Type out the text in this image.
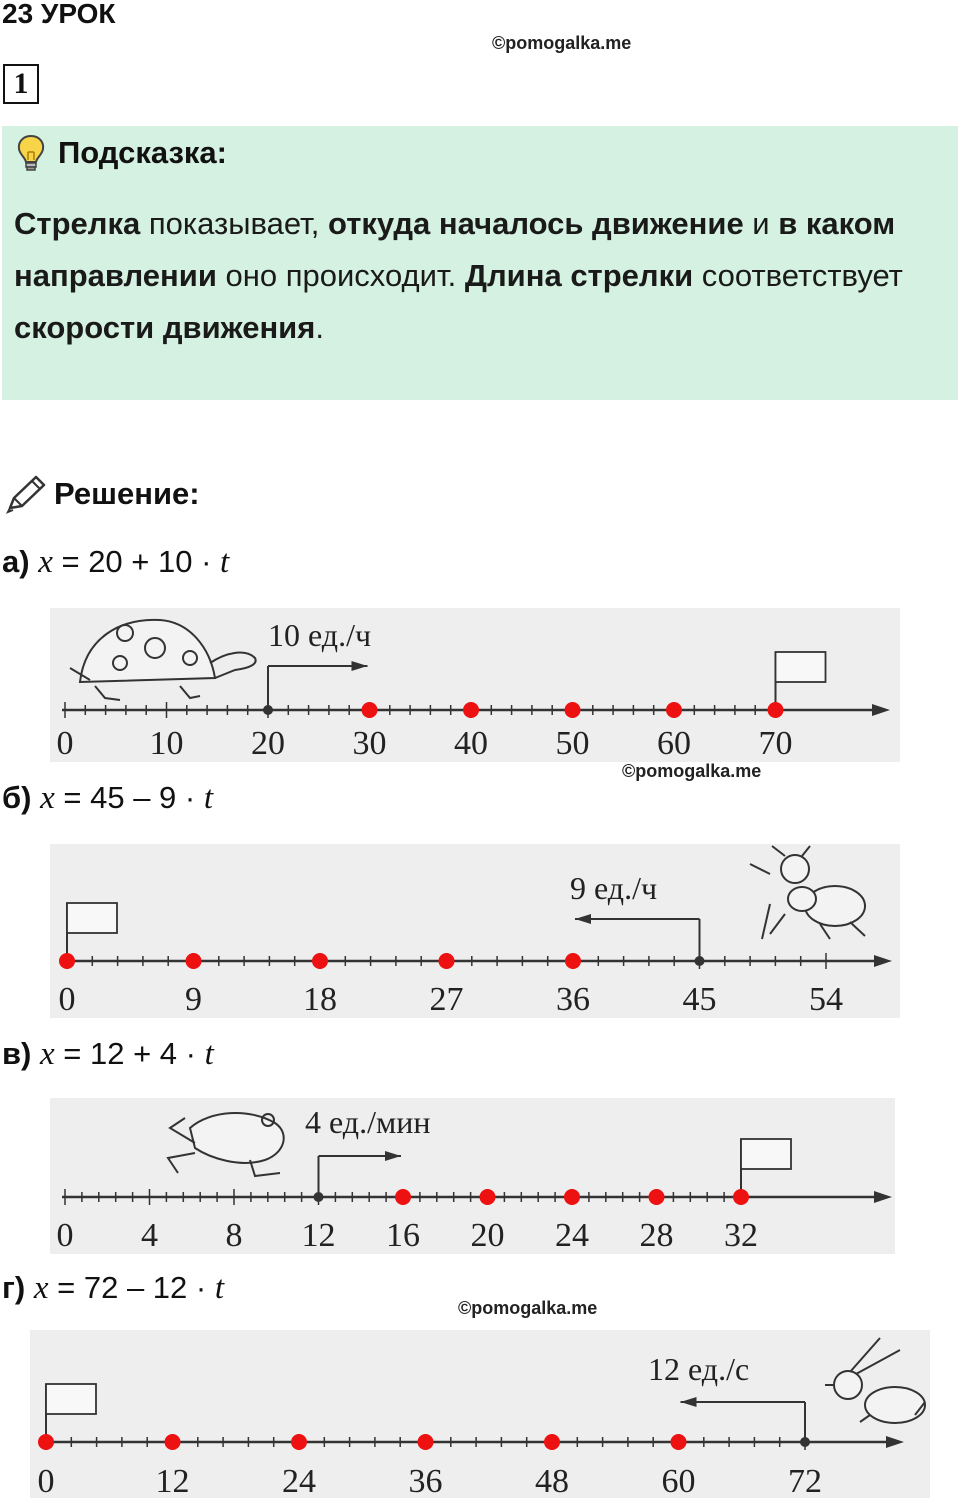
23 УРОК
©pomogalka.me
1
Подсказка:
Стрелка показывает, откуда началось движение и в каком направлении оно происходит. Длина стрелки соответствует скорости движения.
Решение:
а) x = 20 + 10 · t
10 ед./ч
0 10 20 30 40 50 60 70
©pomogalka.me
б) x = 45 – 9 · t
9 ед./ч
0	9	18	27	36	45	54
в) x = 12 + 4 · t
4 ед./мин
0 4 8 12 16 20 24 28 32
©pomogalka.me
г) x = 72 – 12 · t
12 ед./с
0	12	24	36	48	60	72
